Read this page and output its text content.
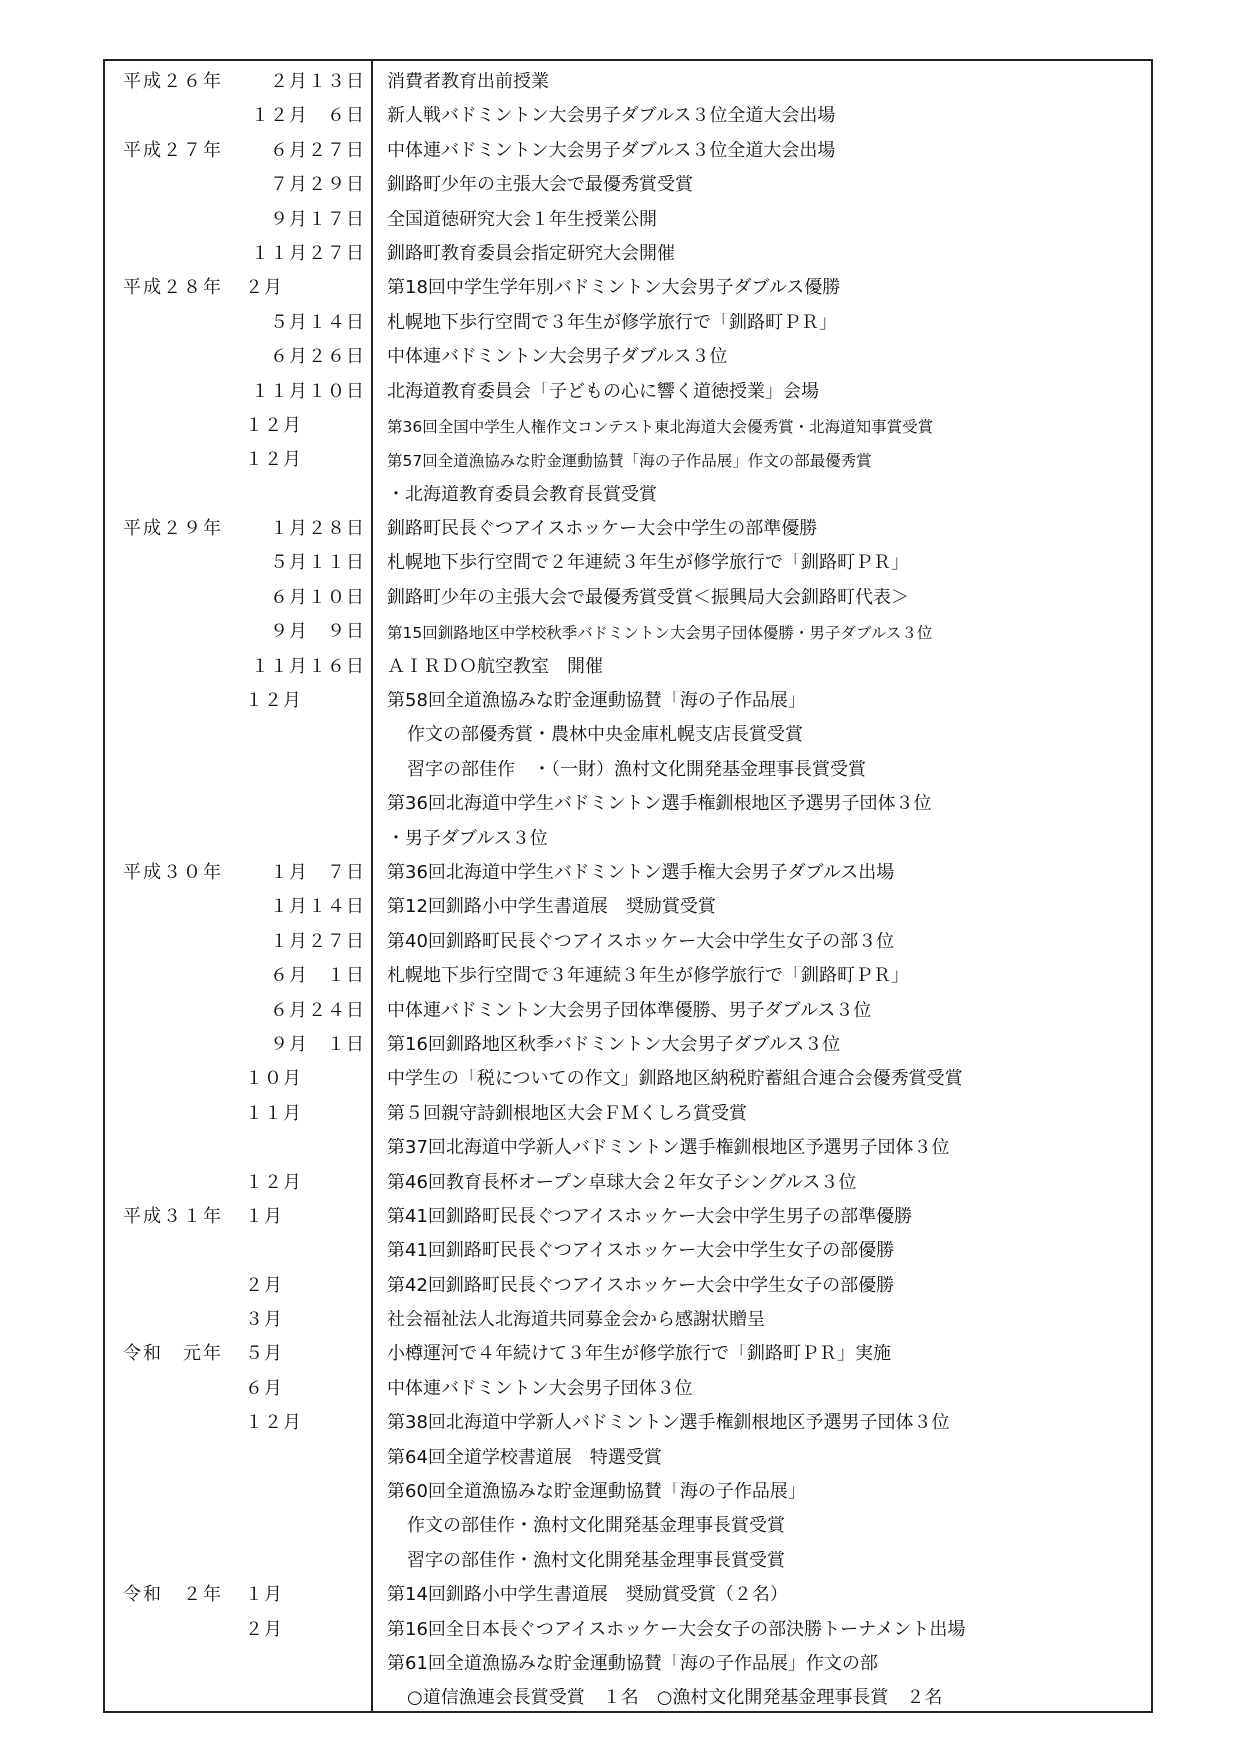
平成２６年	２月１３日 消費者教育出前授業
１２月　６日 新人戦バドミントン大会男子ダブルス３位全道大会出場
平成２７年	６月２７日 中体連バドミントン大会男子ダブルス３位全道大会出場
７月２９日 釧路町少年の主張大会で最優秀賞受賞
９月１７日 全国道徳研究大会１年生授業公開
１１月２７日 釧路町教育委員会指定研究大会開催
平成２８年	２月	第18回中学生学年別バドミントン大会男子ダブルス優勝
５月１４日 札幌地下歩行空間で３年生が修学旅行で「釧路町ＰＲ」
６月２６日 中体連バドミントン大会男子ダブルス３位
１１月１０日 北海道教育委員会「子どもの心に響く道徳授業」会場
１２月	第36回全国中学生人権作文コンテスト東北海道大会優秀賞・北海道知事賞受賞
１２月	第57回全道漁協みな貯金運動協賛「海の子作品展」作文の部最優秀賞
・北海道教育委員会教育長賞受賞
平成２９年	１月２８日 釧路町民長ぐつアイスホッケー大会中学生の部準優勝
５月１１日 札幌地下歩行空間で２年連続３年生が修学旅行で「釧路町ＰＲ」
６月１０日 釧路町少年の主張大会で最優秀賞受賞＜振興局大会釧路町代表＞
９月　９日 第15回釧路地区中学校秋季バドミントン大会男子団体優勝・男子ダブルス３位
１１月１６日 ＡＩＲＤＯ航空教室　開催
１２月	第58回全道漁協みな貯金運動協賛「海の子作品展」
作文の部優秀賞・農林中央金庫札幌支店長賞受賞
習字の部佳作　・（一財）漁村文化開発基金理事長賞受賞
第36回北海道中学生バドミントン選手権釧根地区予選男子団体３位
・男子ダブルス３位
平成３０年	１月　７日 第36回北海道中学生バドミントン選手権大会男子ダブルス出場
１月１４日 第12回釧路小中学生書道展　奨励賞受賞
１月２７日 第40回釧路町民長ぐつアイスホッケー大会中学生女子の部３位
６月　１日 札幌地下歩行空間で３年連続３年生が修学旅行で「釧路町ＰＲ」
６月２４日 中体連バドミントン大会男子団体準優勝、男子ダブルス３位
９月　１日 第16回釧路地区秋季バドミントン大会男子ダブルス３位
１０月	中学生の「税についての作文」釧路地区納税貯蓄組合連合会優秀賞受賞
１１月	第５回親守詩釧根地区大会ＦＭくしろ賞受賞
第37回北海道中学新人バドミントン選手権釧根地区予選男子団体３位
１２月	第46回教育長杯オープン卓球大会２年女子シングルス３位
平成３１年	１月	第41回釧路町民長ぐつアイスホッケー大会中学生男子の部準優勝
第41回釧路町民長ぐつアイスホッケー大会中学生女子の部優勝
２月	第42回釧路町民長ぐつアイスホッケー大会中学生女子の部優勝
３月	社会福祉法人北海道共同募金会から感謝状贈呈
令和　元年	５月	小樽運河で４年続けて３年生が修学旅行で「釧路町ＰＲ」実施
６月	中体連バドミントン大会男子団体３位
１２月	第38回北海道中学新人バドミントン選手権釧根地区予選男子団体３位
第64回全道学校書道展　特選受賞
第60回全道漁協みな貯金運動協賛「海の子作品展」
作文の部佳作・漁村文化開発基金理事長賞受賞
習字の部佳作・漁村文化開発基金理事長賞受賞
令和　２年	１月	第14回釧路小中学生書道展　奨励賞受賞（２名）
２月	第16回全日本長ぐつアイスホッケー大会女子の部決勝トーナメント出場
第61回全道漁協みな貯金運動協賛「海の子作品展」作文の部
○道信漁連会長賞受賞　１名　○漁村文化開発基金理事長賞　２名
